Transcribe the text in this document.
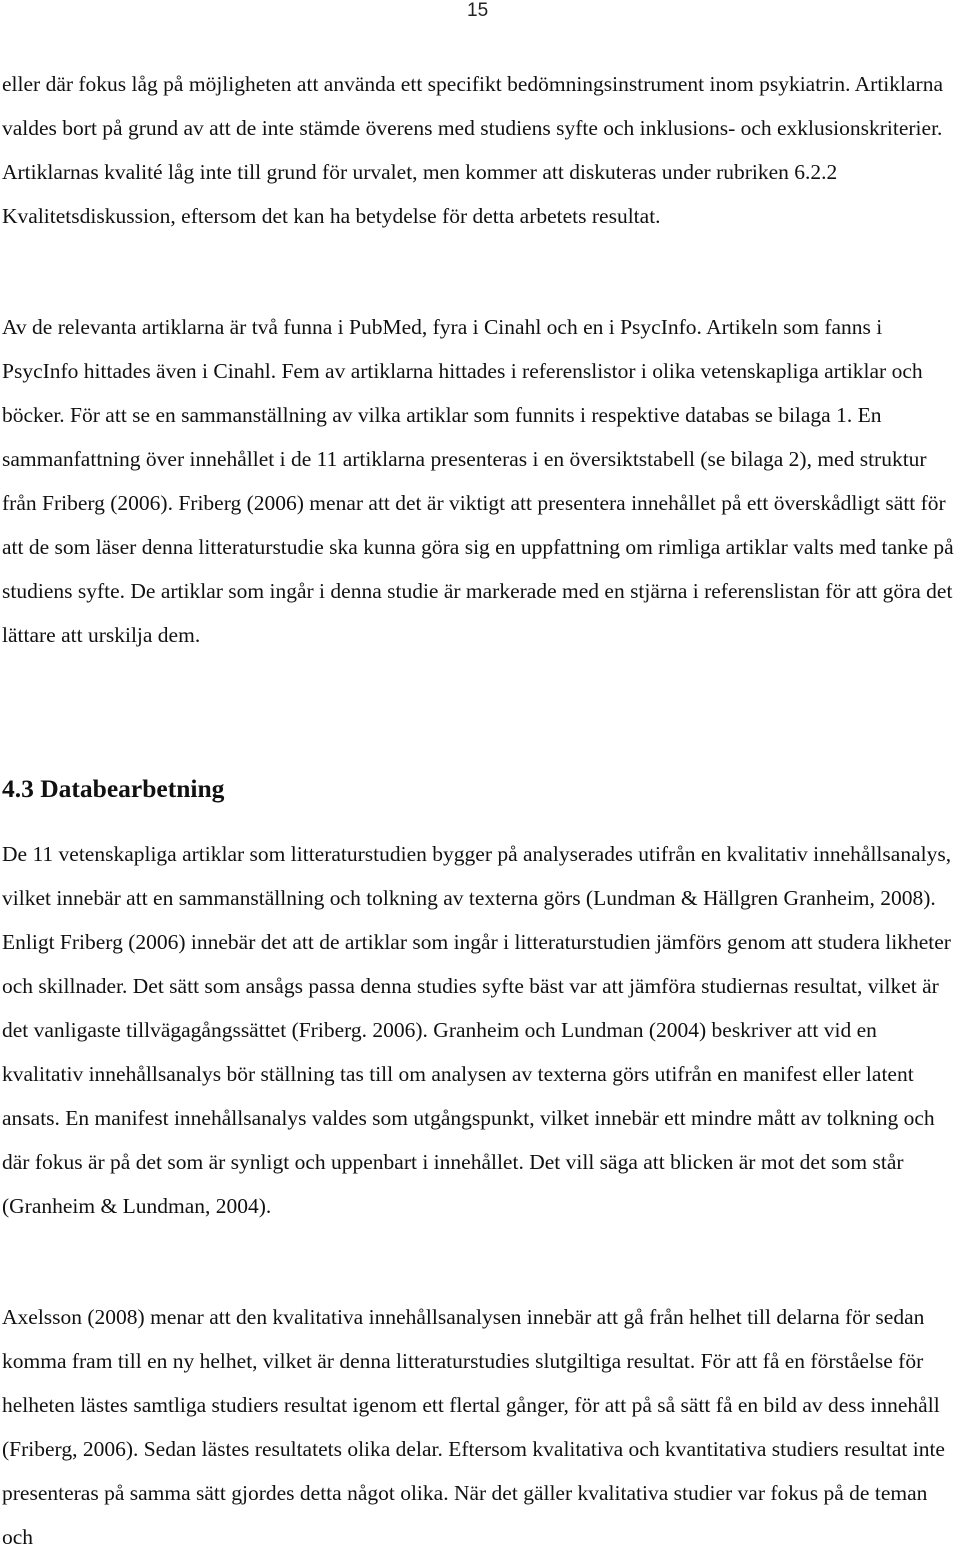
15

eller där fokus låg på möjligheten att använda ett specifikt bedömningsinstrument inom psykiatrin. Artiklarna valdes bort på grund av att de inte stämde överens med studiens syfte och inklusions- och exklusionskriterier. Artiklarnas kvalité låg inte till grund för urvalet, men kommer att diskuteras under rubriken 6.2.2 Kvalitetsdiskussion, eftersom det kan ha betydelse för detta arbetets resultat.

Av de relevanta artiklarna är två funna i PubMed, fyra i Cinahl och en i PsycInfo. Artikeln som fanns i PsycInfo hittades även i Cinahl. Fem av artiklarna hittades i referenslistor i olika vetenskapliga artiklar och böcker. För att se en sammanställning av vilka artiklar som funnits i respektive databas se bilaga 1. En sammanfattning över innehållet i de 11 artiklarna presenteras i en översiktstabell (se bilaga 2), med struktur från Friberg (2006). Friberg (2006) menar att det är viktigt att presentera innehållet på ett överskådligt sätt för att de som läser denna litteraturstudie ska kunna göra sig en uppfattning om rimliga artiklar valts med tanke på studiens syfte. De artiklar som ingår i denna studie är markerade med en stjärna i referenslistan för att göra det lättare att urskilja dem.

4.3 Databearbetning

De 11 vetenskapliga artiklar som litteraturstudien bygger på analyserades utifrån en kvalitativ innehållsanalys, vilket innebär att en sammanställning och tolkning av texterna görs (Lundman & Hällgren Granheim, 2008). Enligt Friberg (2006) innebär det att de artiklar som ingår i litteraturstudien jämförs genom att studera likheter och skillnader. Det sätt som ansågs passa denna studies syfte bäst var att jämföra studiernas resultat, vilket är det vanligaste tillvägagångssättet (Friberg. 2006). Granheim och Lundman (2004) beskriver att vid en kvalitativ innehållsanalys bör ställning tas till om analysen av texterna görs utifrån en manifest eller latent ansats. En manifest innehållsanalys valdes som utgångspunkt, vilket innebär ett mindre mått av tolkning och där fokus är på det som är synligt och uppenbart i innehållet. Det vill säga att blicken är mot det som står (Granheim & Lundman, 2004).

Axelsson (2008) menar att den kvalitativa innehållsanalysen innebär att gå från helhet till delarna för sedan komma fram till en ny helhet, vilket är denna litteraturstudies slutgiltiga resultat. För att få en förståelse för helheten lästes samtliga studiers resultat igenom ett flertal gånger, för att på så sätt få en bild av dess innehåll (Friberg, 2006). Sedan lästes resultatets olika delar. Eftersom kvalitativa och kvantitativa studiers resultat inte presenteras på samma sätt gjordes detta något olika. När det gäller kvalitativa studier var fokus på de teman och
